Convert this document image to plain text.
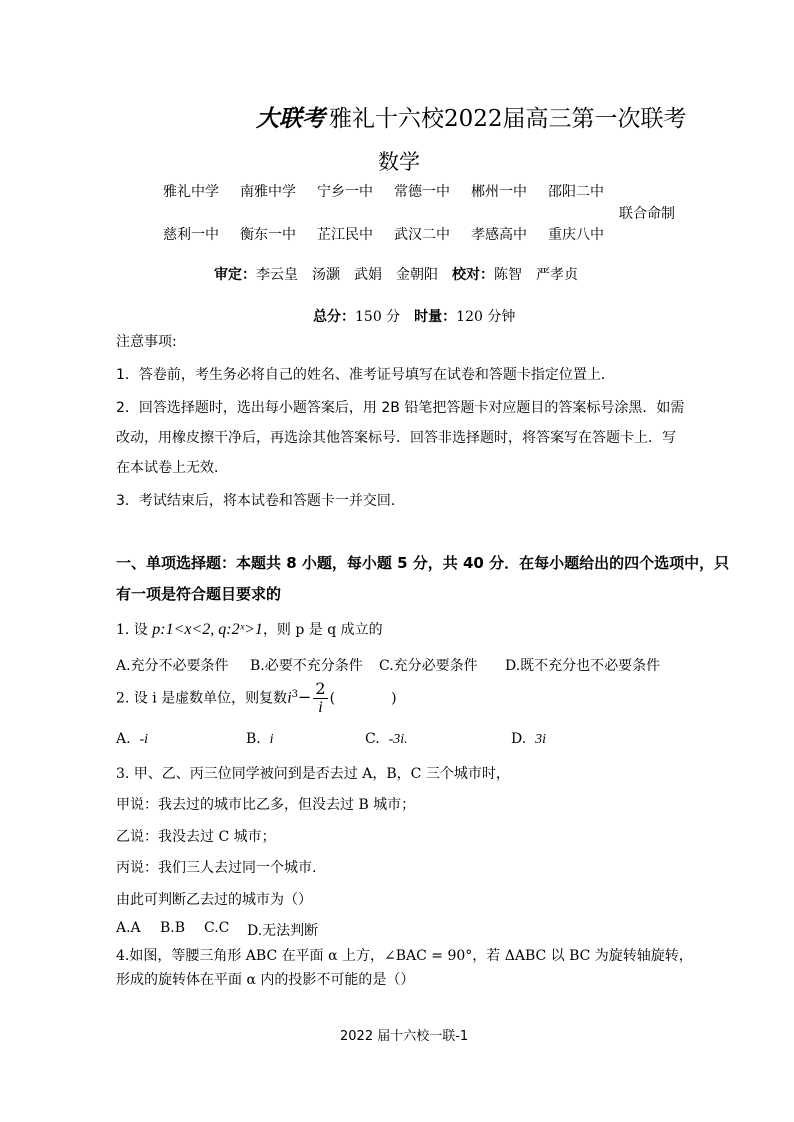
大联考 雅礼十六校2022届高三第一次联考
数学
雅礼中学 南雅中学 宁乡一中 常德一中 郴州一中 邵阳二中
联合命制
慈利一中 衡东一中 芷江民中 武汉二中 孝感高中 重庆八中
审定：李云皇　汤灏　武娟　金朝阳　 校对：陈智　严孝贞
总分：150 分　 时量：120 分钟
注意事项:
1．答卷前，考生务必将自己的姓名、准考证号填写在试卷和答题卡指定位置上．
2．回答选择题时，选出每小题答案后，用 2B 铅笔把答题卡对应题目的答案标号涂黑．如需
改动，用橡皮擦干净后，再选涂其他答案标号．回答非选择题时，将答案写在答题卡上．写
在本试卷上无效．
3．考试结束后，将本试卷和答题卡一并交回．
一、单项选择题：本题共 8 小题，每小题 5 分，共 40 分．在每小题给出的四个选项中，只
有一项是符合题目要求的
1. 设 p:1<x<2, q:2ˣ>1，则 p 是 q 成立的
A.充分不必要条件 B.必要不充分条件 C.充分必要条件 D.既不充分也不必要条件
2. 设 i 是虚数单位，则复数$i^3- \frac{2}{i}$ (　　　　)
A. -i	B. i	C. -3i.	D. 3i
3. 甲、乙、丙三位同学被问到是否去过 A，B，C 三个城市时，
甲说：我去过的城市比乙多，但没去过 B 城市；
乙说：我没去过 C 城市；
丙说：我们三人去过同一个城市.
由此可判断乙去过的城市为（）
A.A B.B C.C D.无法判断
4.如图，等腰三角形 ABC 在平面 α 上方，∠BAC = 90°，若 ΔABC 以 BC 为旋转轴旋转，
形成的旋转体在平面 α 内的投影不可能的是（）
2022 届十六校一联-1
